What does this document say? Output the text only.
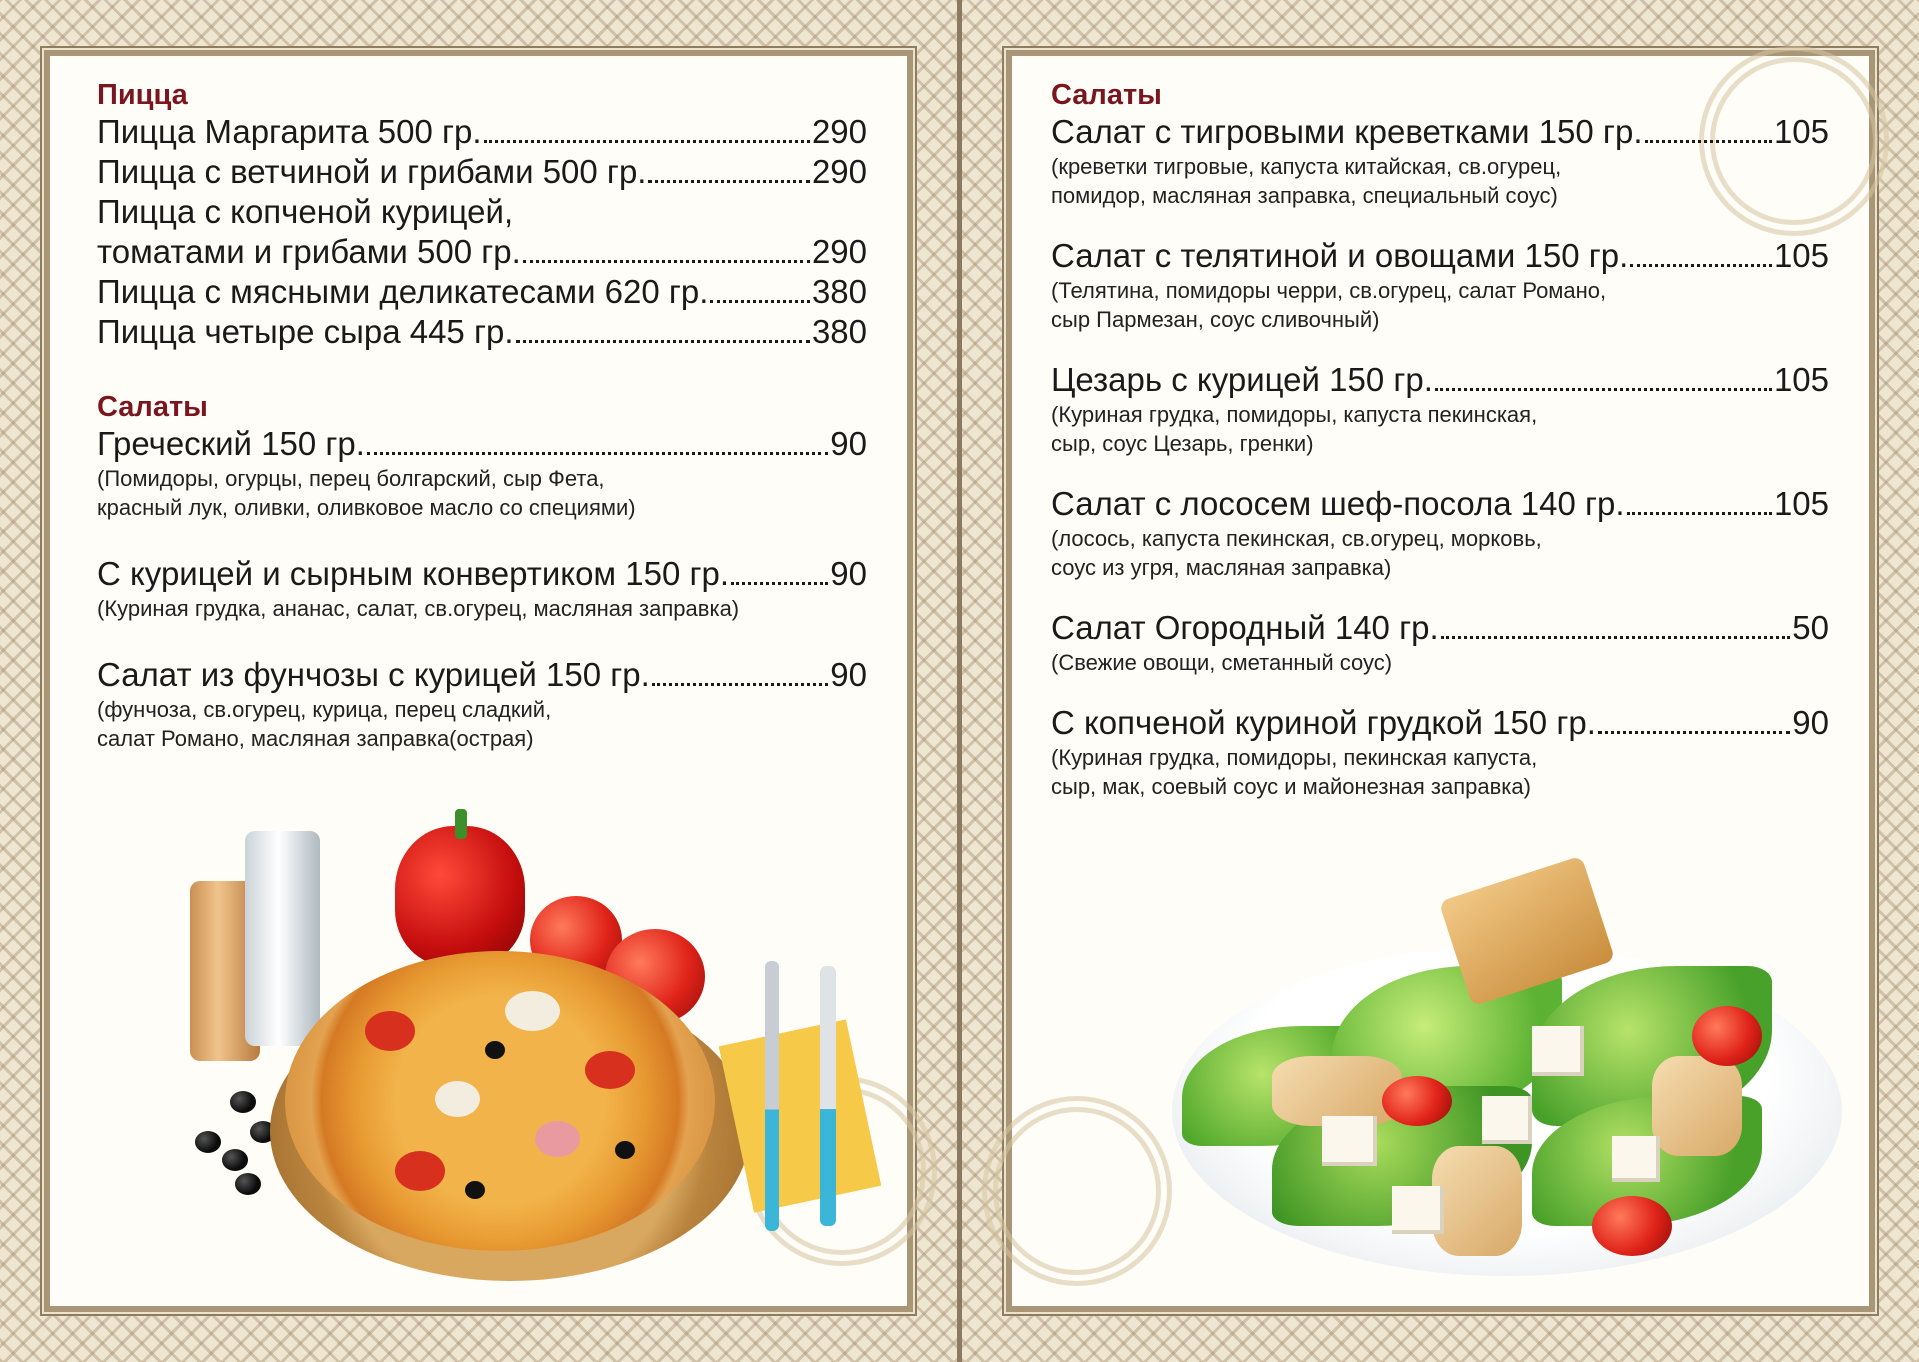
Пицца
Пицца Маргарита 500 гр.	290
Пицца с ветчиной и грибами 500 гр.	290
Пицца с копченой курицей,
томатами и грибами 500 гр.	290
Пицца с мясными деликатесами 620 гр.	380
Пицца четыре сыра 445 гр.	380
Салаты
Греческий 150 гр.	90
(Помидоры, огурцы, перец болгарский, сыр Фета,
красный лук, оливки, оливковое масло со специями)
С курицей и сырным конвертиком 150 гр.	90
(Куриная грудка, ананас, салат, св.огурец, масляная заправка)
Салат из фунчозы с курицей 150 гр.	90
(фунчоза, св.огурец, курица, перец сладкий,
салат Романо, масляная заправка(острая)
Салаты
Салат с тигровыми креветками 150 гр.	105
(креветки тигровые, капуста китайская, св.огурец,
помидор, масляная заправка, специальный соус)
Салат с телятиной и овощами 150 гр.	105
(Телятина, помидоры черри, св.огурец, салат Романо,
сыр Пармезан, соус сливочный)
Цезарь с курицей 150 гр.	105
(Куриная грудка, помидоры, капуста пекинская,
сыр, соус Цезарь, гренки)
Салат с лососем шеф-посола 140 гр.	105
(лосось, капуста пекинская, св.огурец, морковь,
соус из угря, масляная заправка)
Салат Огородный 140 гр.	50
(Свежие овощи, сметанный соус)
С копченой куриной грудкой 150 гр.	90
(Куриная грудка, помидоры, пекинская капуста,
сыр, мак, соевый соус и майонезная заправка)
